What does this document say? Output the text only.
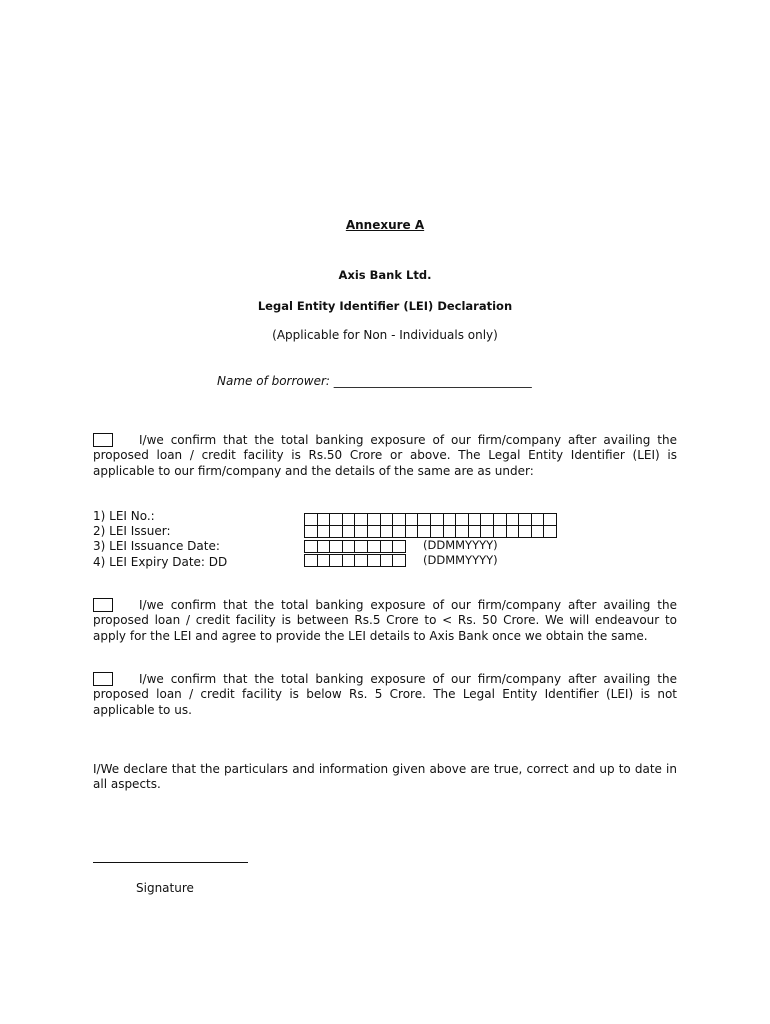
Annexure A
Axis Bank Ltd.
Legal Entity Identifier (LEI) Declaration
(Applicable for Non - Individuals only)
Name of borrower: _________________________________

I/we confirm that the total banking exposure of our firm/company after availing the proposed loan / credit facility is Rs.50 Crore or above. The Legal Entity Identifier (LEI) is applicable to our firm/company and the details of the same are as under:

1) LEI No.:
2) LEI Issuer:
3) LEI Issuance Date:
4) LEI Expiry Date: DD
(DDMMYYYY)
(DDMMYYYY)

I/we confirm that the total banking exposure of our firm/company after availing the proposed loan / credit facility is between Rs.5 Crore to < Rs. 50 Crore. We will endeavour to apply for the LEI and agree to provide the LEI details to Axis Bank once we obtain the same.

I/we confirm that the total banking exposure of our firm/company after availing the proposed loan / credit facility is below Rs. 5 Crore. The Legal Entity Identifier (LEI) is not applicable to us.

I/We declare that the particulars and information given above are true, correct and up to date in all aspects.

Signature
